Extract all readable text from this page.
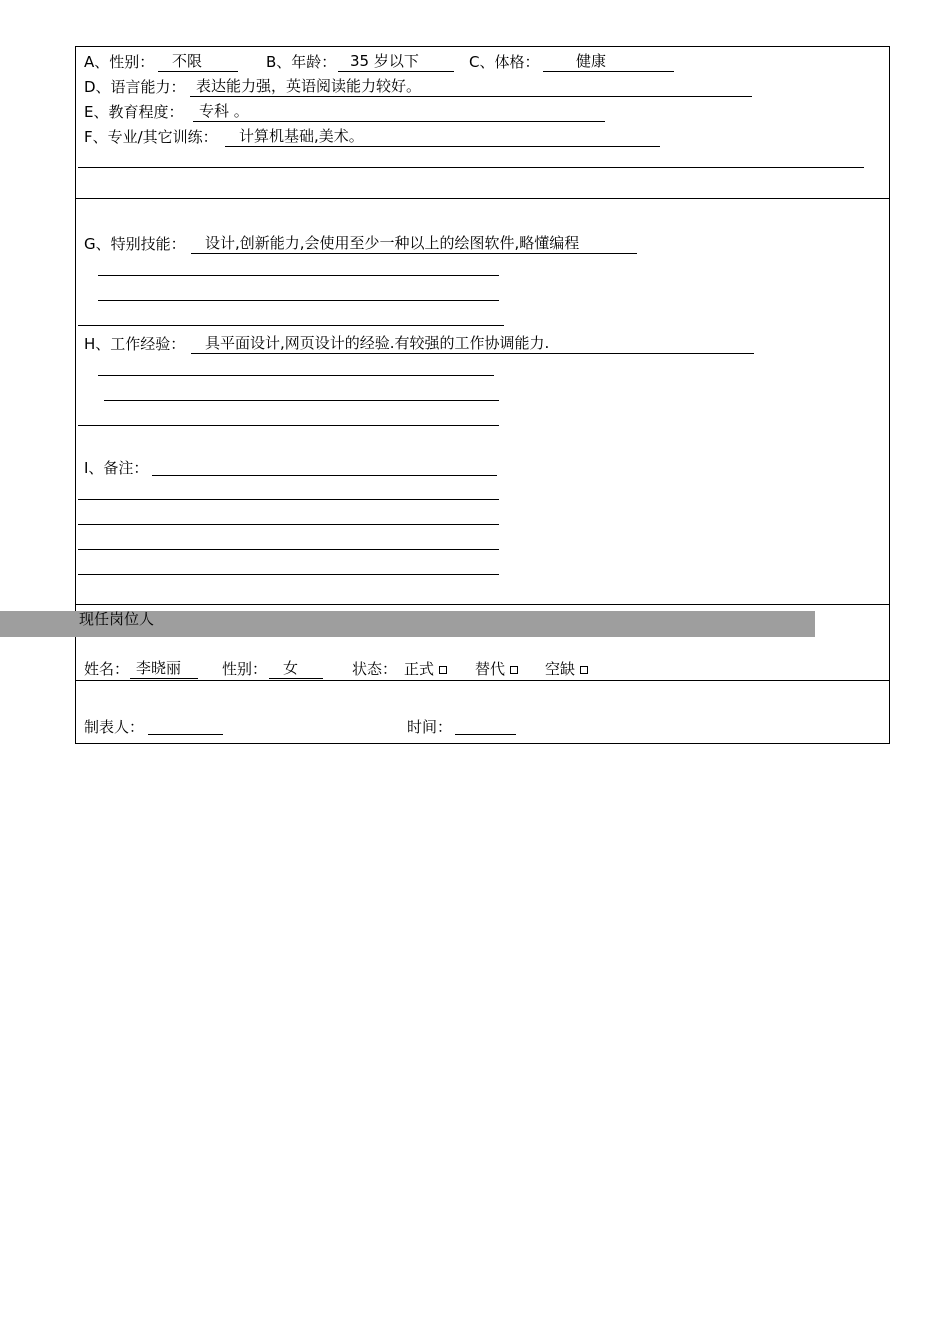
A、性别：	不限	B、年龄： 35 岁以下	C、体格：	健康
D、语言能力： 表达能力强，英语阅读能力较好。
E、教育程度：	专科 。
F、专业/其它训练：	计算机基础,美术。
G、特别技能：	设计,创新能力,会使用至少一种以上的绘图软件,略懂编程
H、工作经验：	具平面设计,网页设计的经验.有较强的工作协调能力.
I、备注：
现任岗位人
姓名： 李晓丽	性别：	女	状态： 正式	替代	空缺
制表人：	时间：
